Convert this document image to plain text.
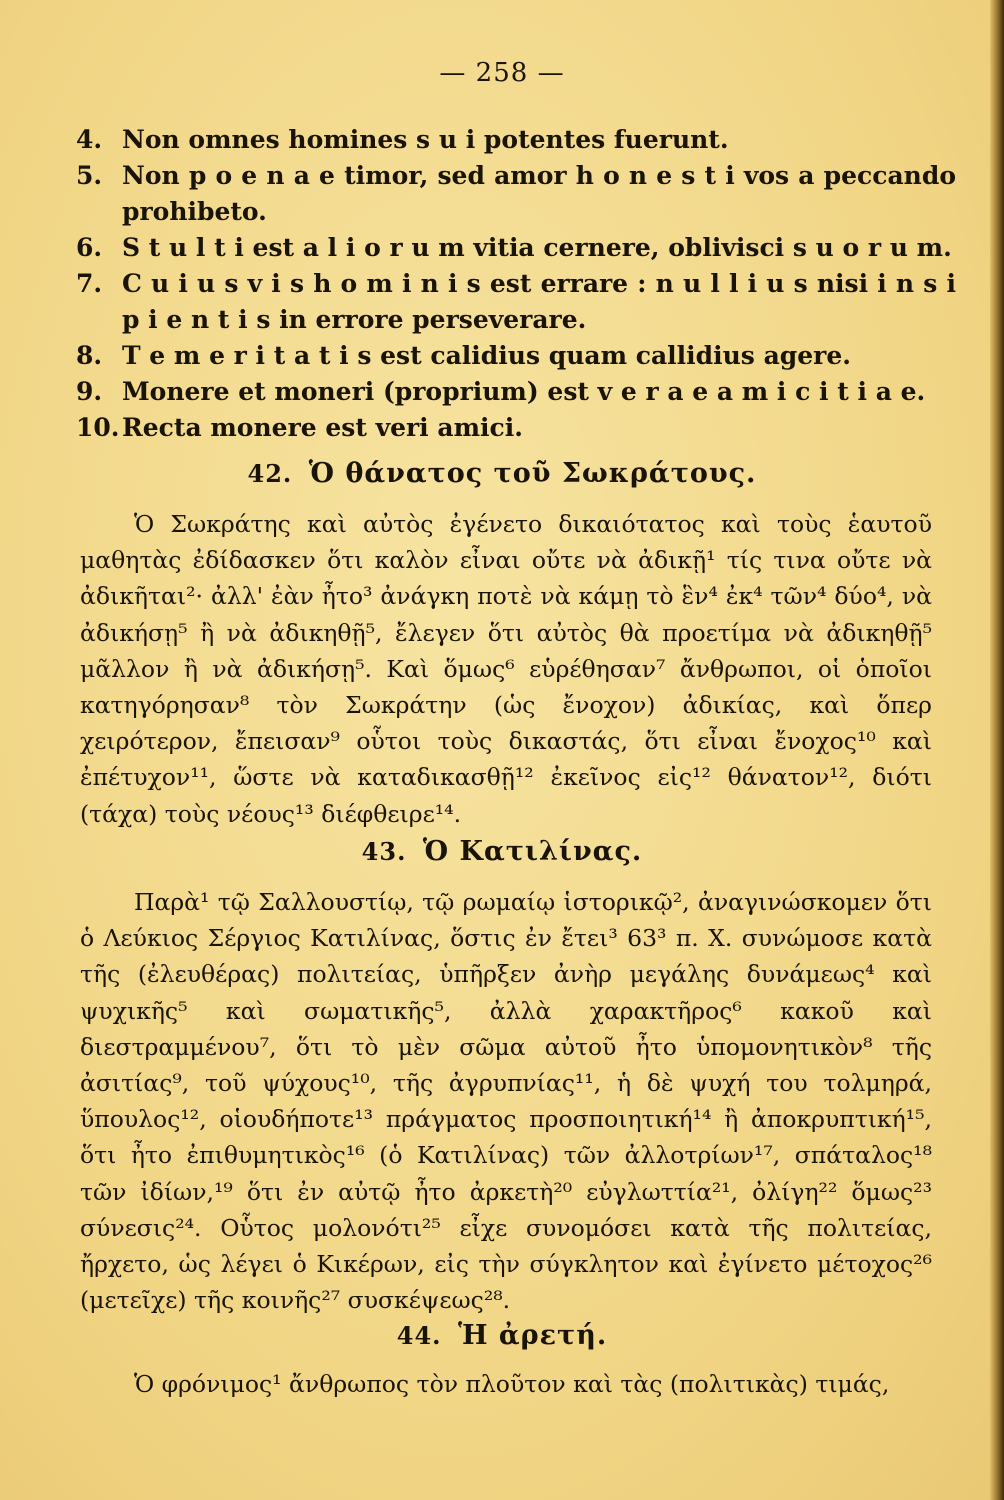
— 258 —
4. Non omnes homines s u i potentes fuerunt.
5. Non p o e n a e timor, sed amor h o n e s t i vos a peccando prohibeto.
6. S t u l t i est a l i o r u m vitia cernere, oblivisci s u o r u m.
7. C u i u s v i s h o m i n i s est errare : n u l l i u s nisi i n s i p i e n t i s in errore perseverare.
8. T e m e r i t a t i s est calidius quam callidius agere.
9. Monere et moneri (proprium) est v e r a e a m i c i t i a e.
10. Recta monere est veri amici.
42. Ὁ θάνατος τοῦ Σωκράτους.

Ὁ Σωκράτης καὶ αὐτὸς ἐγένετο δικαιότατος καὶ τοὺς ἑαυτοῦ μαθητὰς ἐδίδασκεν ὅτι καλὸν εἶναι οὔτε νὰ ἀδικῇ¹ τίς τινα οὔτε νὰ ἀδικῆται²· ἀλλ' ἐὰν ἦτο³ ἀνάγκη ποτὲ νὰ κάμῃ τὸ ἓν⁴ ἐκ⁴ τῶν⁴ δύο⁴, νὰ ἀδικήσῃ⁵ ἢ νὰ ἀδικηθῇ⁵, ἔλεγεν ὅτι αὐτὸς θὰ προετίμα νὰ ἀδικηθῇ⁵ μᾶλλον ἢ νὰ ἀδικήσῃ⁵. Καὶ ὅμως⁶ εὑρέθησαν⁷ ἄνθρωποι, οἱ ὁποῖοι κατηγόρησαν⁸ τὸν Σωκράτην (ὡς ἔνοχον) ἀδικίας, καὶ ὅπερ χειρότερον, ἔπεισαν⁹ οὗτοι τοὺς δικαστάς, ὅτι εἶναι ἔνοχος¹⁰ καὶ ἐπέτυχον¹¹, ὥστε νὰ καταδικασθῇ¹² ἐκεῖνος εἰς¹² θάνατον¹², διότι (τάχα) τοὺς νέους¹³ διέφθειρε¹⁴.

43. Ὁ Κατιλίνας.

Παρὰ¹ τῷ Σαλλουστίῳ, τῷ ρωμαίῳ ἱστορικῷ², ἀναγινώσκομεν ὅτι ὁ Λεύκιος Σέργιος Κατιλίνας, ὅστις ἐν ἔτει³ 63³ π. Χ. συνώμοσε κατὰ τῆς (ἐλευθέρας) πολιτείας, ὑπῆρξεν ἀνὴρ μεγάλης δυνάμεως⁴ καὶ ψυχικῆς⁵ καὶ σωματικῆς⁵, ἀλλὰ χαρακτῆρος⁶ κακοῦ καὶ διεστραμμένου⁷, ὅτι τὸ μὲν σῶμα αὐτοῦ ἦτο ὑπομονητικὸν⁸ τῆς ἀσιτίας⁹, τοῦ ψύχους¹⁰, τῆς ἀγρυπνίας¹¹, ἡ δὲ ψυχή του τολμηρά, ὕπουλος¹², οἱουδήποτε¹³ πράγματος προσποιητική¹⁴ ἢ ἀποκρυπτική¹⁵, ὅτι ἦτο ἐπιθυμητικὸς¹⁶ (ὁ Κατιλίνας) τῶν ἀλλοτρίων¹⁷, σπάταλος¹⁸ τῶν ἰδίων,¹⁹ ὅτι ἐν αὐτῷ ἦτο ἀρκετὴ²⁰ εὐγλωττία²¹, ὀλίγη²² ὅμως²³ σύνεσις²⁴. Οὗτος μολονότι²⁵ εἶχε συνομόσει κατὰ τῆς πολιτείας, ἤρχετο, ὡς λέγει ὁ Κικέρων, εἰς τὴν σύγκλητον καὶ ἐγίνετο μέτοχος²⁶ (μετεῖχε) τῆς κοινῆς²⁷ συσκέψεως²⁸.

44. Ἡ ἀρετή.

Ὁ φρόνιμος¹ ἄνθρωπος τὸν πλοῦτον καὶ τὰς (πολιτικὰς) τιμάς,
